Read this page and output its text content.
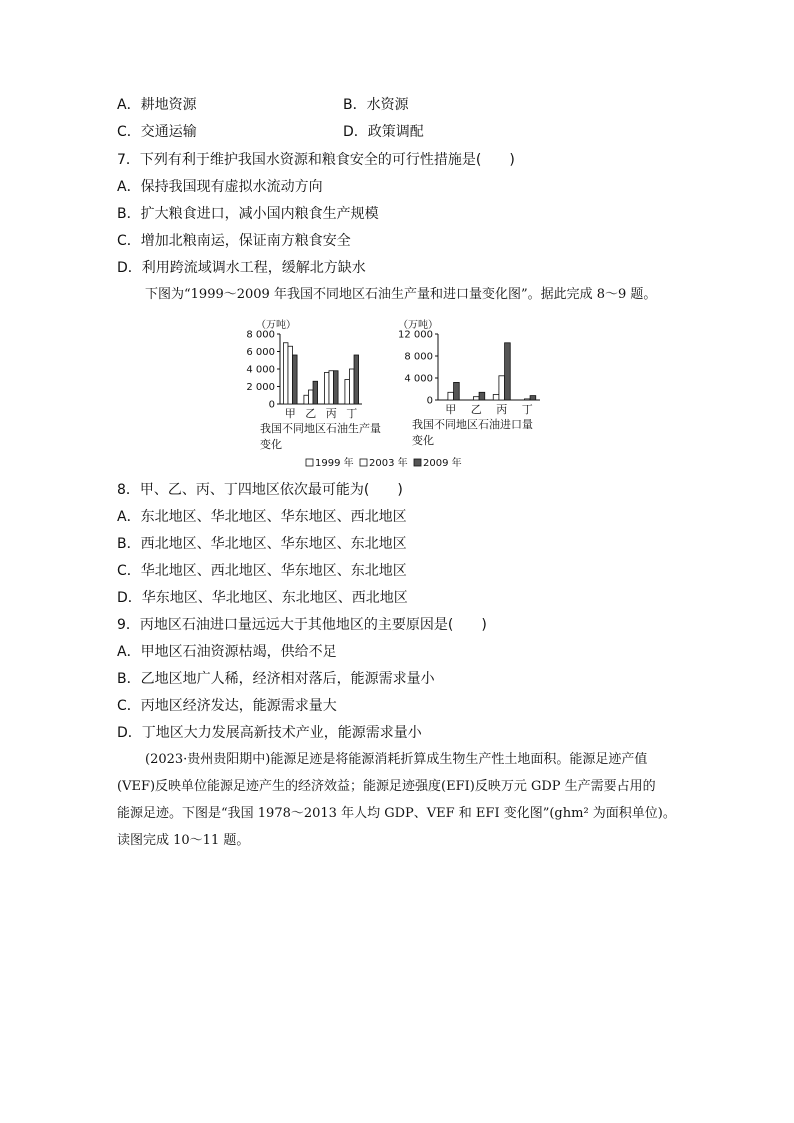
A．耕地资源	B．水资源
C．交通运输	D．政策调配
7．下列有利于维护我国水资源和粮食安全的可行性措施是(　　)
A．保持我国现有虚拟水流动方向
B．扩大粮食进口，减小国内粮食生产规模
C．增加北粮南运，保证南方粮食安全
D．利用跨流域调水工程，缓解北方缺水
下图为“1999～2009 年我国不同地区石油生产量和进口量变化图”。据此完成 8～9 题。
（万吨）
0
2 000
4 000
6 000
8 000
甲 乙 丙 丁
我国不同地区石油生产量
变化
（万吨）
0
4 000
8 000
12 000
甲 乙 丙 丁
我国不同地区石油进口量
变化
1999 年 2003 年 2009 年
8．甲、乙、丙、丁四地区依次最可能为(　　)
A．东北地区、华北地区、华东地区、西北地区
B．西北地区、华北地区、华东地区、东北地区
C．华北地区、西北地区、华东地区、东北地区
D．华东地区、华北地区、东北地区、西北地区
9．丙地区石油进口量远远大于其他地区的主要原因是(　　)
A．甲地区石油资源枯竭，供给不足
B．乙地区地广人稀，经济相对落后，能源需求量小
C．丙地区经济发达，能源需求量大
D．丁地区大力发展高新技术产业，能源需求量小
(2023·贵州贵阳期中)能源足迹是将能源消耗折算成生物生产性土地面积。能源足迹产值
(VEF)反映单位能源足迹产生的经济效益；能源足迹强度(EFI)反映万元 GDP 生产需要占用的
能源足迹。下图是“我国 1978～2013 年人均 GDP、VEF 和 EFI 变化图”(ghm² 为面积单位)。
读图完成 10～11 题。
